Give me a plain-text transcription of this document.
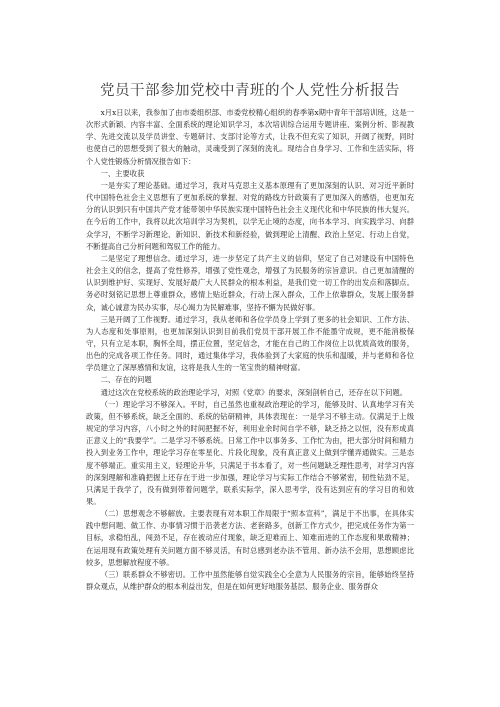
党员干部参加党校中青班的个人党性分析报告

x月x日以来，我参加了由市委组织部、市委党校精心组织的春季第x期中青年干部培训班，这是一次形式新颖、内容丰富、全面系统的理论知识学习，本次培训综合运用专题讲座、案例分析、影视教学、先进交流以及学员讲堂、专题研讨、支部讨论等方式，让我不但充实了知识，开阔了视野，同时也使自己的思想受到了很大的触动，灵魂受到了深刻的洗礼。现结合自身学习、工作和生活实际，将个人党性锻炼分析情况报告如下：

一、主要收获

一是夯实了理论基础。通过学习，我对马克思主义基本原理有了更加深刻的认识、对习近平新时代中国特色社会主义思想有了更加系统的掌握、对党的路线方针政策有了更加深入的感悟，也更加充分的认识到只有中国共产党才能带领中华民族实现中国特色社会主义现代化和中华民族的伟大复兴。在今后的工作中，我将以此次培训学习为契机，以学无止境的态度，向书本学习、向实践学习、向群众学习，不断学习新理论、新知识、新技术和新经验，做到理论上清醒、政治上坚定、行动上自觉，不断提高自己分析问题和驾驭工作的能力。

二是坚定了理想信念。通过学习，进一步坚定了共产主义的信仰，坚定了自己对建设有中国特色社会主义的信念，提高了党性修养，增强了党性观念，增强了为民服务的宗旨意识。自己更加清醒的认识到维护好、实现好、发展好最广大人民群众的根本利益，是我们党一切工作的出发点和落脚点。务必时刻铭记思想上尊重群众，感情上贴近群众，行动上深入群众，工作上依靠群众，发展上服务群众，诚心诚意为民办实事，尽心竭力为民解难事，坚持不懈为民做好事。

三是开阔了工作视野。通过学习，我从老师和各位学员身上学到了更多的社会知识、工作方法、为人态度和处事原则，也更加深刻认识到目前我们党员干部开展工作不能墨守成规，更不能消极保守，只有立足本职，胸怀全局，摆正位置，坚定信念，才能在自己的工作岗位上以优质高效的服务，出色的完成各项工作任务。同时，通过集体学习，我体验到了大家庭的快乐和温暖，并与老师和各位学员建立了深厚感情和友谊，这将是我人生的一笔宝贵的精神财富。

二、存在的问题

通过这次在党校系统的政治理论学习，对照《党章》的要求，深刻剖析自己，还存在以下问题。

（一）理论学习不够深入。平时，自己虽然也重视政治理论的学习，能够及时、认真地学习有关政策，但不够系统，缺乏全面的、系统的钻研精神，具体表现在：一是学习不够主动。仅满足于上级规定的学习内容，八小时之外的时间把握不好，利用业余时间自学不够，缺乏持之以恒，没有形成真正意义上的“我要学”。二是学习不够系统。日常工作中以事务多、工作忙为由，把大部分时间和精力投入到业务工作中，理论学习存在零星化、片段化现象，没有真正意义上做到学懂弄通做实。三是态度不够端正。重实用主义，轻理论升华，只满足于书本看了，对一些问题缺乏理性思考，对学习内容的深刻理解和准确把握上还存在于进一步加强，理论学习与实际工作结合不够紧密，韧性钻劲不足，只满足于我学了，没有做到带着问题学，联系实际学，深入思考学，没有达到应有的学习目的和效果。

（二）思想观念不够解放。主要表现有对本职工作局限于“照本宣科”，满足于不出事，在具体实践中想问题、做工作、办事情习惯于沿袭老方法、老套路多，创新工作方式少，把完成任务作为第一目标，求稳怕乱，闯劲不足，存在被动应付现象，缺乏迎难而上、知难而进的工作态度和果敢精神；在运用现有政策处理有关问题方面不够灵活，有时总感到老办法不管用、新办法不会用，思想顾虑比较多，思想解放程度不够。

（三）联系群众不够密切。工作中虽然能够自觉实践全心全意为人民服务的宗旨，能够始终坚持群众观点，从维护群众的根本利益出发，但是在如何更好地服务基层、服务企业、服务群众
